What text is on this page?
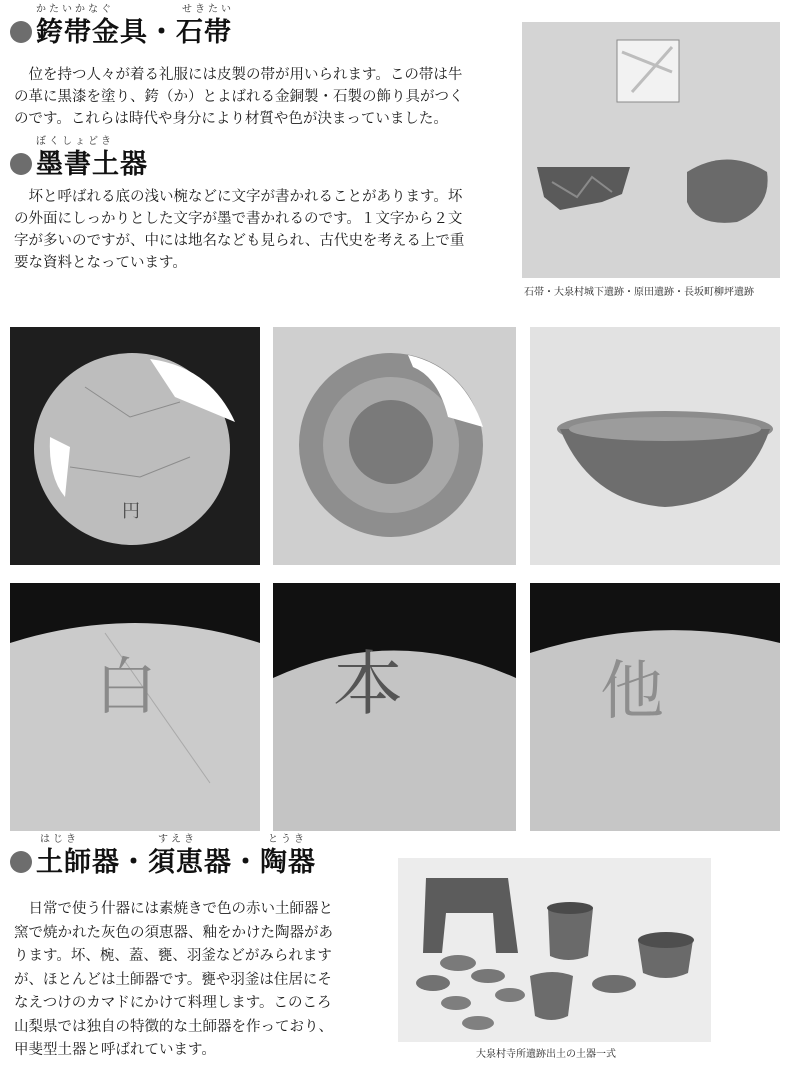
かたいかなぐ	せきたい
銙帯金具・石帯
　位を持つ人々が着る礼服には皮製の帯が用いられます。この帯は牛
の革に黒漆を塗り、銙（か）とよばれる金銅製・石製の飾り具がつく
のです。これらは時代や身分により材質や色が決まっていました。
ぼくしょどき
墨書土器
　坏と呼ばれる底の浅い椀などに文字が書かれることがあります。坏
の外面にしっかりとした文字が墨で書かれるのです。１文字から２文
字が多いのですが、中には地名なども見られ、古代史を考える上で重
要な資料となっています。
石帯・大泉村城下遺跡・原田遺跡・長坂町柳坪遺跡
円
白	本	他
はじき	すえき	とうき
土師器・須恵器・陶器
　日常で使う什器には素焼きで色の赤い土師器と
窯で焼かれた灰色の須恵器、釉をかけた陶器があ
ります。坏、椀、蓋、甕、羽釜などがみられます
が、ほとんどは土師器です。甕や羽釜は住居にそ
なえつけのカマドにかけて料理します。このころ
山梨県では独自の特徴的な土師器を作っており、
甲斐型土器と呼ばれています。	大泉村寺所遺跡出土の土器一式
